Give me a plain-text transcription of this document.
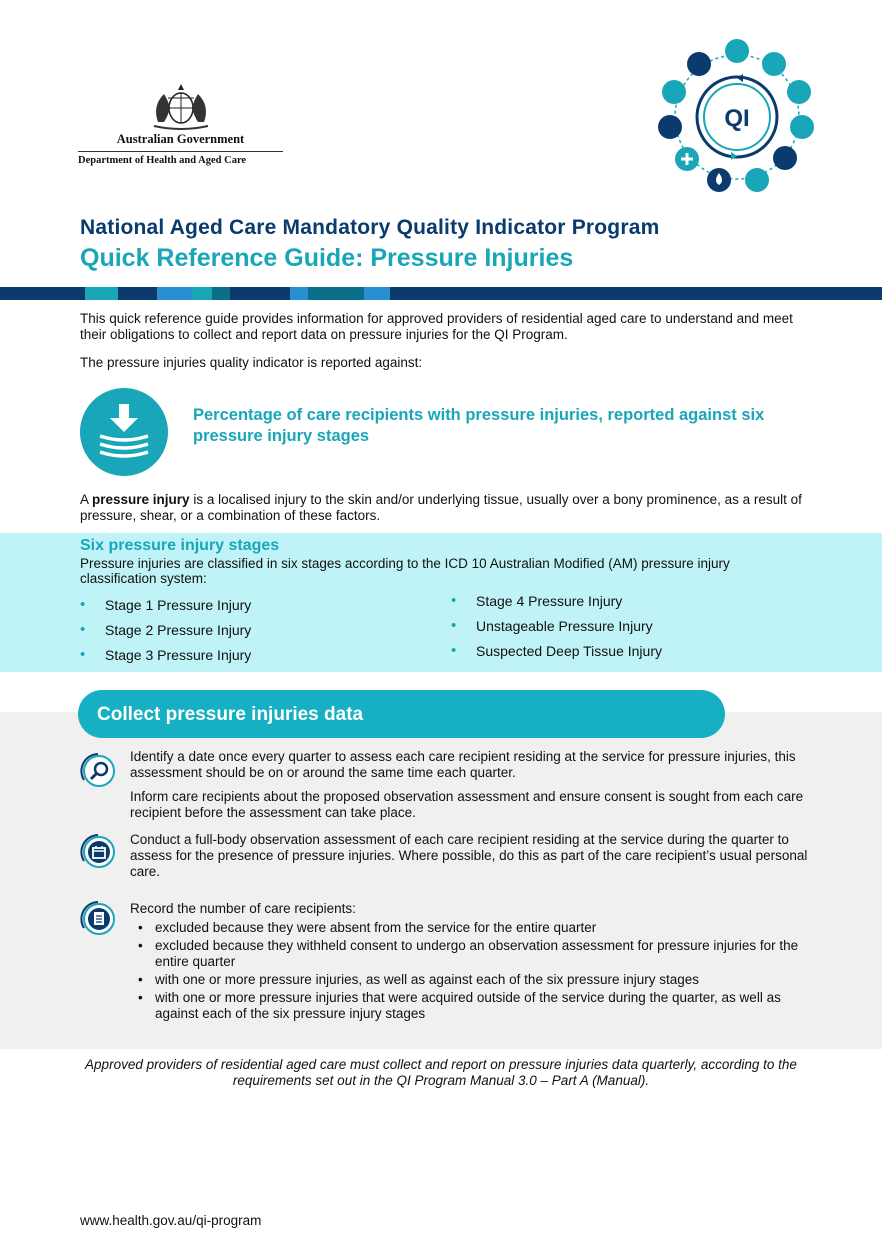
Australian Government
Department of Health and Aged Care
QI
National Aged Care Mandatory Quality Indicator Program
Quick Reference Guide: Pressure Injuries

This quick reference guide provides information for approved providers of residential aged care to understand and meet their obligations to collect and report data on pressure injuries for the QI Program.

The pressure injuries quality indicator is reported against:

Percentage of care recipients with pressure injuries, reported against six pressure injury stages

A pressure injury is a localised injury to the skin and/or underlying tissue, usually over a bony prominence, as a result of pressure, shear, or a combination of these factors.

Six pressure injury stages
Pressure injuries are classified in six stages according to the ICD 10 Australian Modified (AM) pressure injury classification system:
• Stage 1 Pressure Injury
• Stage 2 Pressure Injury
• Stage 3 Pressure Injury
• Stage 4 Pressure Injury
• Unstageable Pressure Injury
• Suspected Deep Tissue Injury
Collect pressure injuries data

Identify a date once every quarter to assess each care recipient residing at the service for pressure injuries, this assessment should be on or around the same time each quarter.

Inform care recipients about the proposed observation assessment and ensure consent is sought from each care recipient before the assessment can take place.

Conduct a full-body observation assessment of each care recipient residing at the service during the quarter to assess for the presence of pressure injuries. Where possible, do this as part of the care recipient’s usual personal care.

Record the number of care recipients:

• excluded because they were absent from the service for the entire quarter
• excluded because they withheld consent to undergo an observation assessment for pressure injuries for the entire quarter
• with one or more pressure injuries, as well as against each of the six pressure injury stages
• with one or more pressure injuries that were acquired outside of the service during the quarter, as well as against each of the six pressure injury stages
Approved providers of residential aged care must collect and report on pressure injuries data quarterly, according to the requirements set out in the QI Program Manual 3.0 – Part A (Manual).
www.health.gov.au/qi-program
